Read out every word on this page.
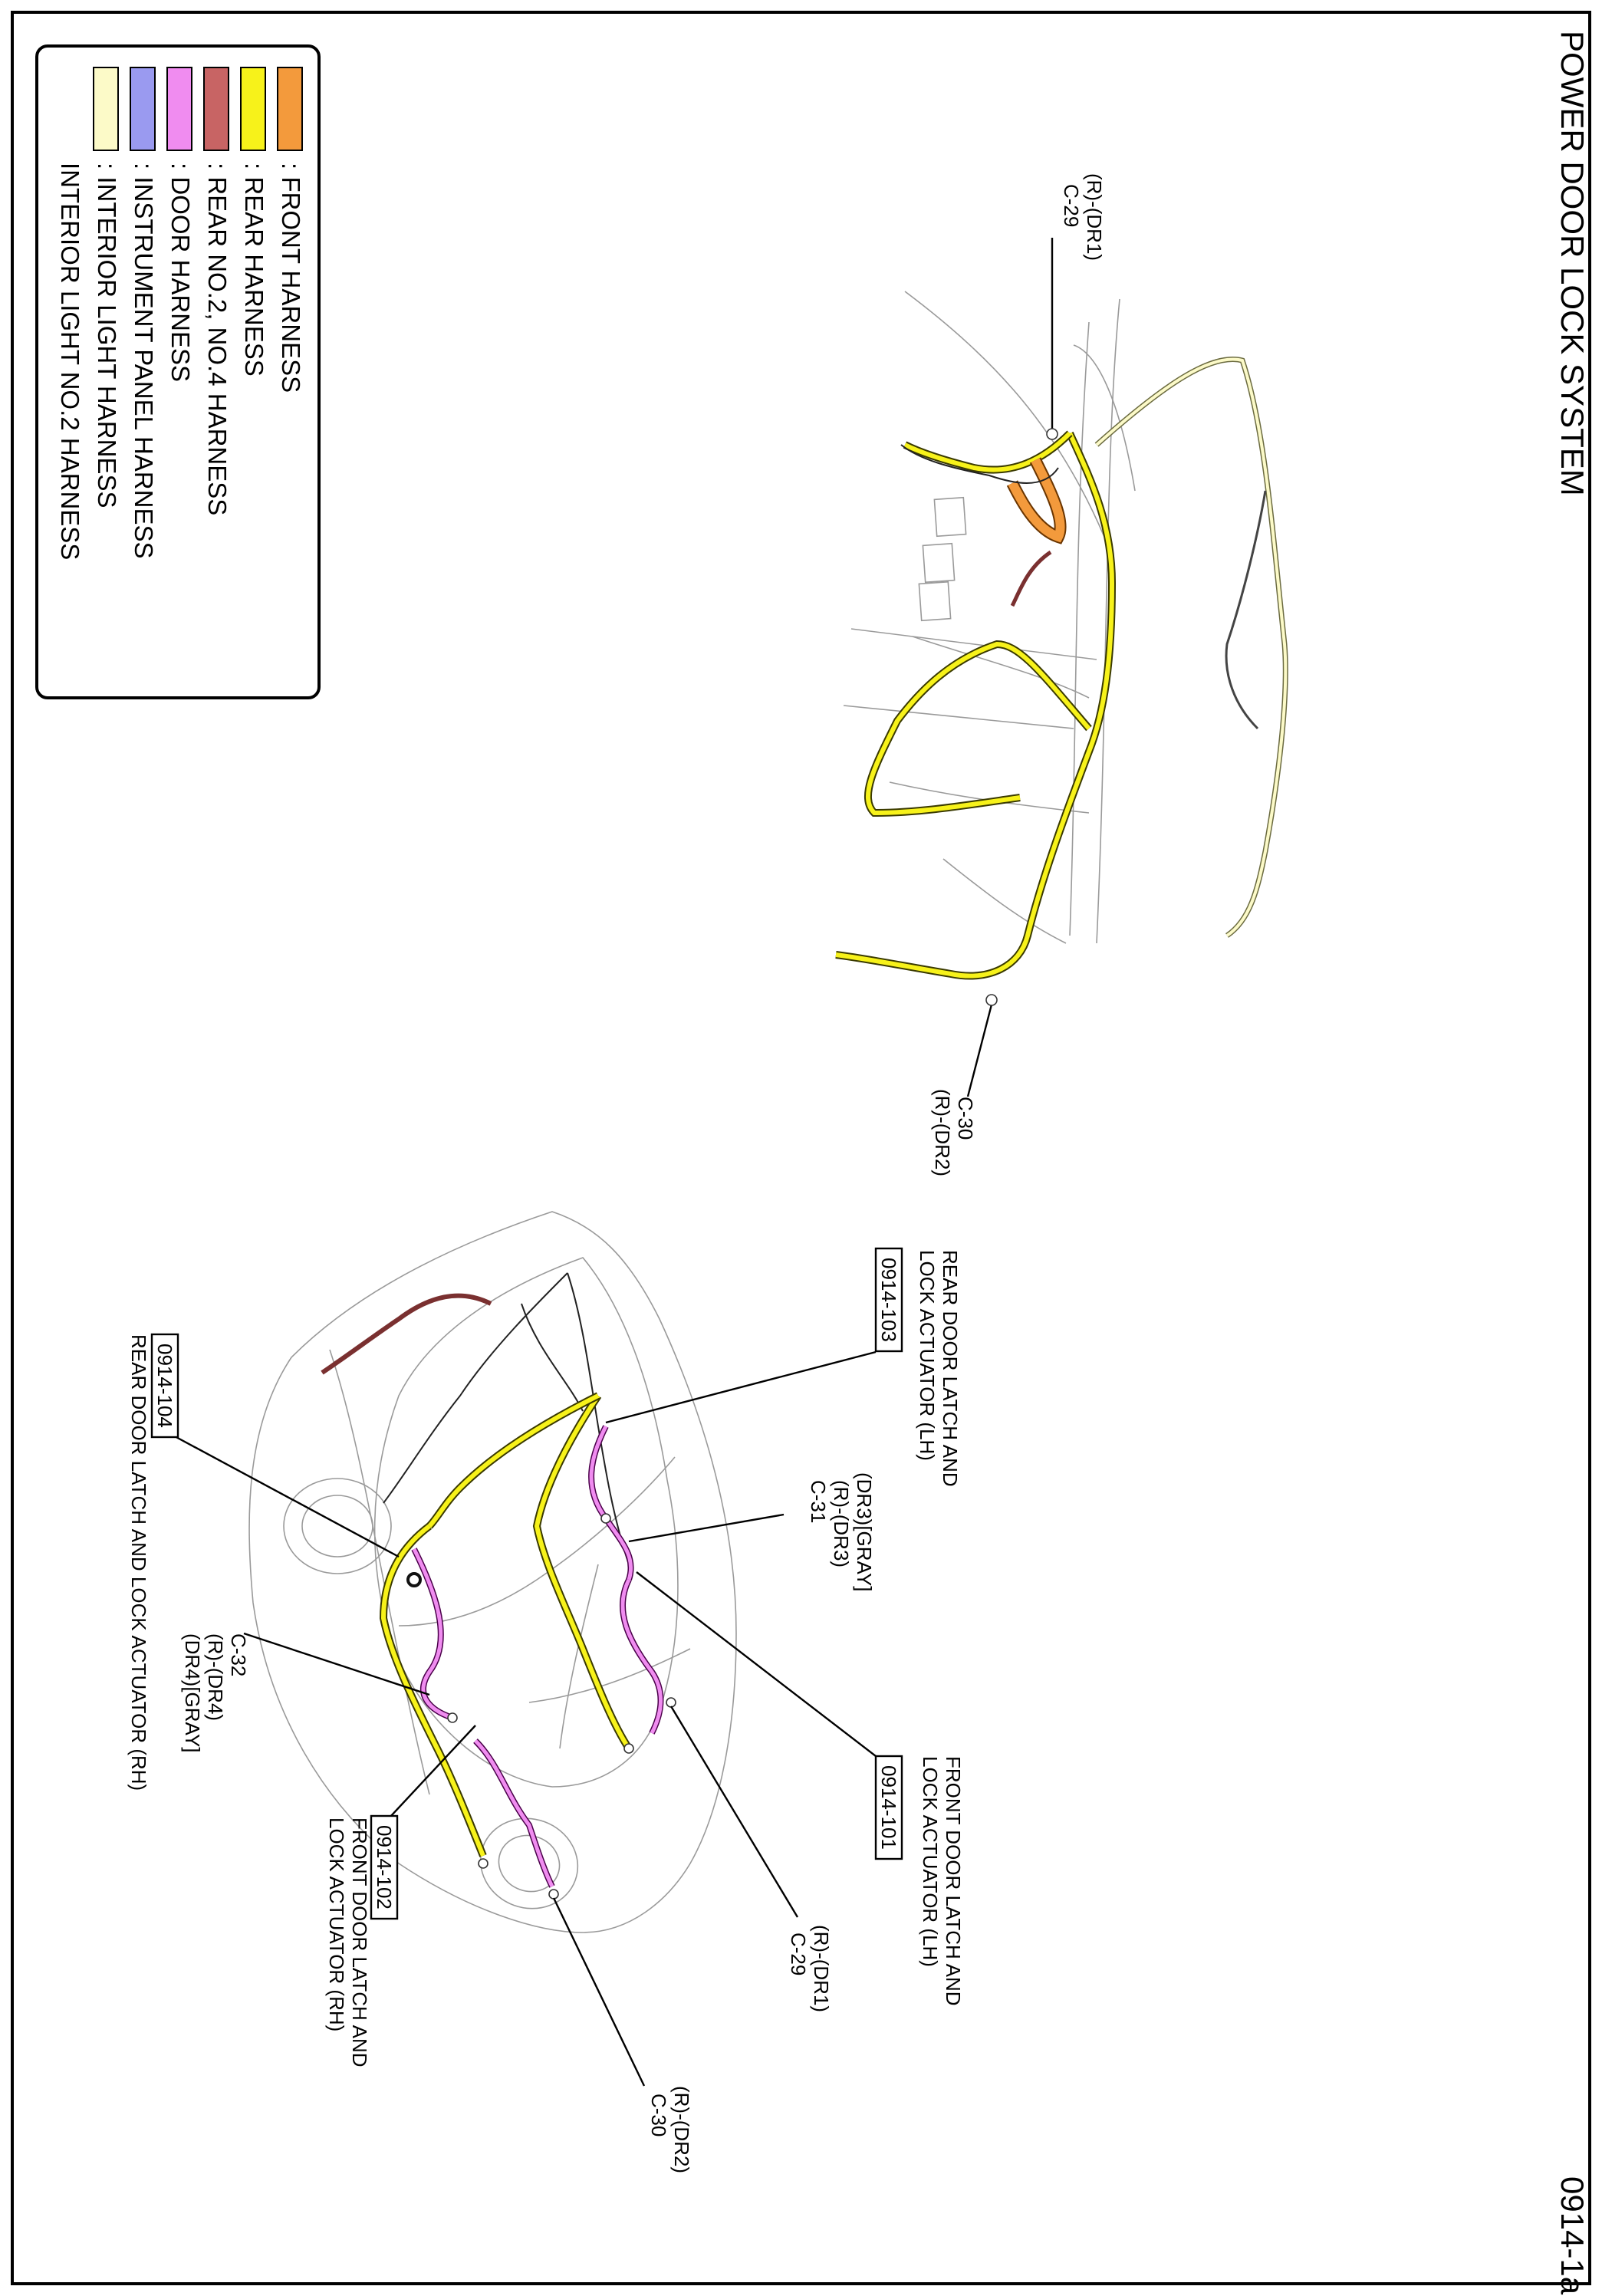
POWER DOOR LOCK SYSTEM
0914-1a
: FRONT HARNESS
: REAR HARNESS
: REAR NO.2, NO.4 HARNESS
: DOOR HARNESS
: INSTRUMENT PANEL HARNESS
: INTERIOR LIGHT HARNESS
INTERIOR LIGHT NO.2 HARNESS	(R)-(DR1)
C-29
C-30
(R)-(DR2)
0914-103 REAR DOOR LATCH AND
LOCK ACTUATOR (LH)
(DR3)[GRAY]
(R)-(DR3)
C-31
0914-104
REAR DOOR LATCH AND LOCK ACTUATOR (RH)	C-32
(R)-(DR4)
(DR4)[GRAY]
0914-101 FRONT DOOR LATCH AND
LOCK ACTUATOR (LH)
(R)-(DR1)
C-29
0914-102
FRONT DOOR LATCH AND
LOCK ACTUATOR (RH)
(R)-(DR2)
C-30
